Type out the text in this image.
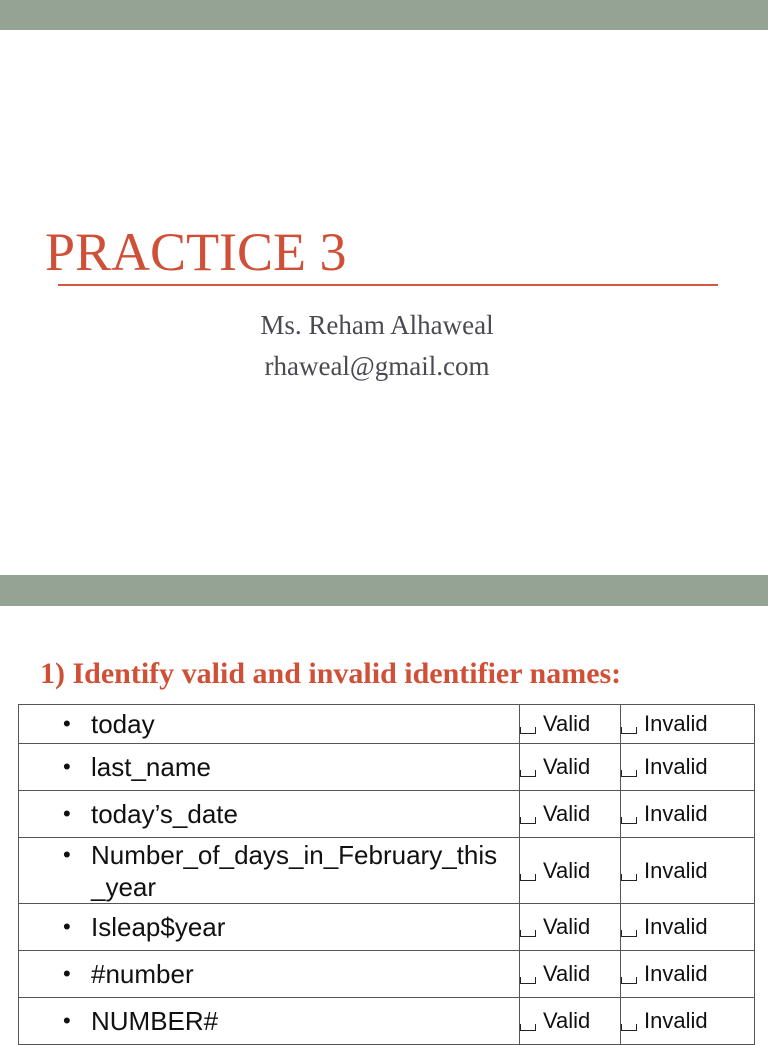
PRACTICE 3
Ms. Reham Alhaweal
rhaweal@gmail.com
1) Identify valid and invalid identifier names:
• today	Valid	Invalid

• last_name	Valid	Invalid

• today’s_date	Valid	Invalid

• Number_of_days_in_February_this_year	Valid	Invalid

• Isleap$year	Valid	Invalid

• #number	Valid	Invalid

• NUMBER#	Valid	Invalid
